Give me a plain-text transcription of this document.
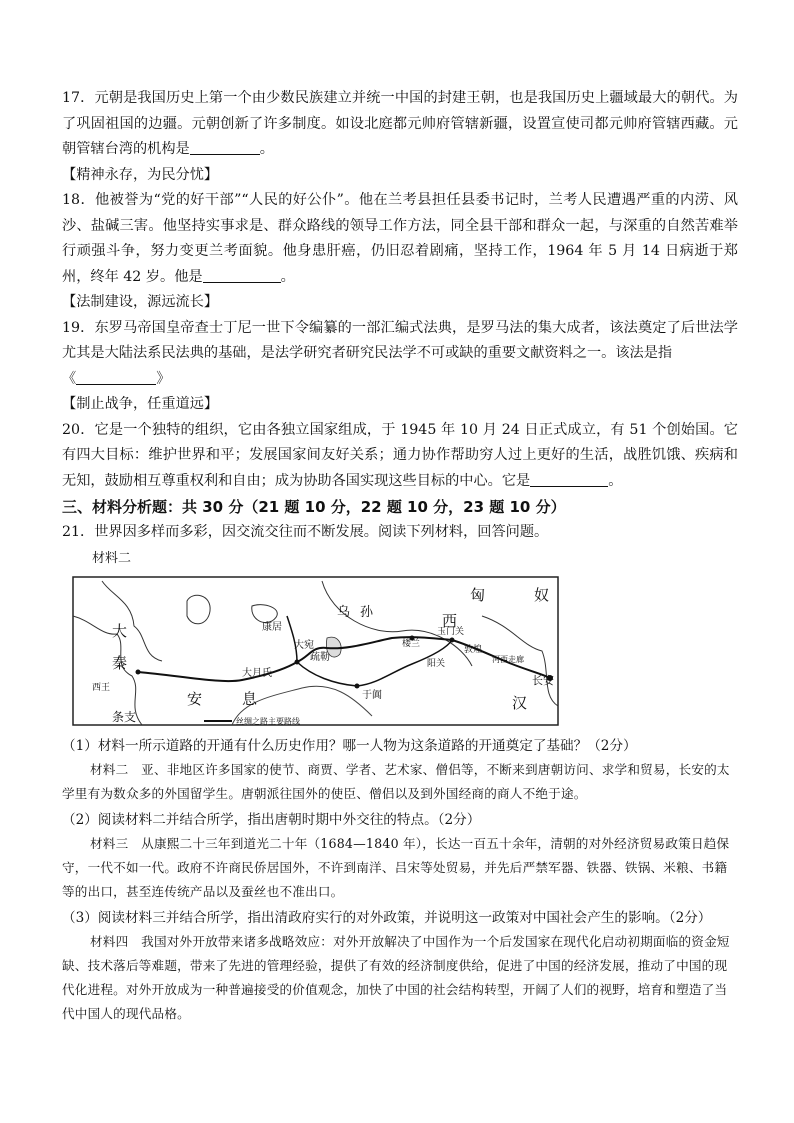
17．元朝是我国历史上第一个由少数民族建立并统一中国的封建王朝，也是我国历史上疆域最大的朝代。为了巩固祖国的边疆。元朝创新了许多制度。如设北庭都元帅府管辖新疆，设置宣使司都元帅府管辖西藏。元朝管辖台湾的机构是	。

【精神永存，为民分忧】

18．他被誉为“党的好干部”“人民的好公仆”。他在兰考县担任县委书记时，兰考人民遭遇严重的内涝、风沙、盐碱三害。他坚持实事求是、群众路线的领导工作方法，同全县干部和群众一起，与深重的自然苦难举行顽强斗争，努力变更兰考面貌。他身患肝癌，仍旧忍着剧痛，坚持工作，1964 年 5 月 14 日病逝于郑州，终年 42 岁。他是	。

【法制建设，源远流长】

19．东罗马帝国皇帝查士丁尼一世下令编纂的一部汇编式法典，是罗马法的集大成者，该法奠定了后世法学尤其是大陆法系民法典的基础，是法学研究者研究民法学不可或缺的重要文献资料之一。该法是指
《	》

【制止战争，任重道远】

20．它是一个独特的组织，它由各独立国家组成，于 1945 年 10 月 24 日正式成立，有 51 个创始国。它有四大目标：维护世界和平；发展国家间友好关系；通力协作帮助穷人过上更好的生活，战胜饥饿、疾病和无知，鼓励相互尊重权利和自由；成为协助各国实现这些目标的中心。它是	。

三、材料分析题：共 30 分（21 题 10 分，22 题 10 分，23 题 10 分）

21．世界因多样而多彩，因交流交往而不断发展。阅读下列材料，回答问题。

材料二

匈	奴
西
大
秦
康居
乌 孙
大宛
疏勒
楼兰
玉门关
敦煌
河西走廊
阳关
长安
大月氏
安	息	于阗	汉
条支
西王
丝绸之路主要路线

（1）材料一所示道路的开通有什么历史作用？哪一人物为这条道路的开通奠定了基础？（2分）

材料二　亚、非地区许多国家的使节、商贾、学者、艺术家、僧侣等，不断来到唐朝访问、求学和贸易，长安的太学里有为数众多的外国留学生。唐朝派往国外的使臣、僧侣以及到外国经商的商人不绝于途。

（2）阅读材料二并结合所学，指出唐朝时期中外交往的特点。（2分）

材料三　从康熙二十三年到道光二十年（1684—1840 年），长达一百五十余年，清朝的对外经济贸易政策日趋保守，一代不如一代。政府不许商民侨居国外，不许到南洋、吕宋等处贸易，并先后严禁军器、铁器、铁锅、米粮、书籍等的出口，甚至连传统产品以及蚕丝也不准出口。

（3）阅读材料三并结合所学，指出清政府实行的对外政策，并说明这一政策对中国社会产生的影响。（2分）

材料四　我国对外开放带来诸多战略效应：对外开放解决了中国作为一个后发国家在现代化启动初期面临的资金短缺、技术落后等难题，带来了先进的管理经验，提供了有效的经济制度供给，促进了中国的经济发展，推动了中国的现代化进程。对外开放成为一种普遍接受的价值观念，加快了中国的社会结构转型，开阔了人们的视野，培育和塑造了当代中国人的现代品格。
